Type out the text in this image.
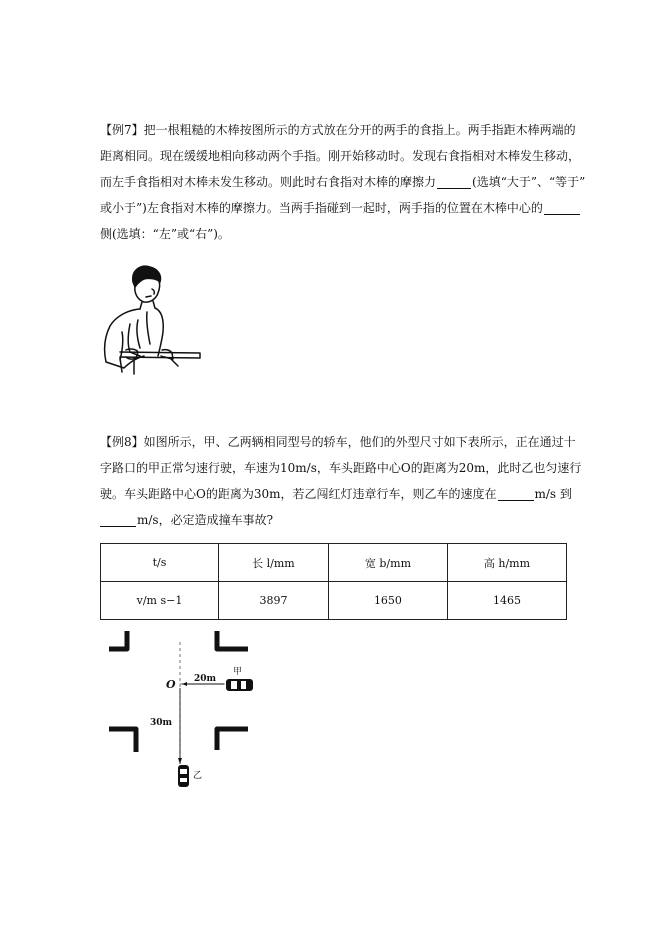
【例7】把一根粗糙的木棒按图所示的方式放在分开的两手的食指上。两手指距木棒两端的
距离相同。现在缓缓地相向移动两个手指。刚开始移动时。发现右食指相对木棒发生移动，
而左手食指相对木棒未发生移动。则此时右食指对木棒的摩擦力	(选填“大于”、“等于”
或小于”)左食指对木棒的摩擦力。当两手指碰到一起时，两手指的位置在木棒中心的
侧(选填：“左”或“右”)。
【例8】如图所示，甲、乙两辆相同型号的轿车，他们的外型尺寸如下表所示，正在通过十
字路口的甲正常匀速行驶，车速为10m/s，车头距路中心O的距离为20m，此时乙也匀速行
驶。车头距路中心O的距离为30m，若乙闯红灯违章行车，则乙车的速度在	m/s 到
m/s，必定造成撞车事故?
t/s	长 l/mm	宽 b/mm	高 h/mm
v/m s−1	3897	1650	1465
20m
O
30m
甲
乙
